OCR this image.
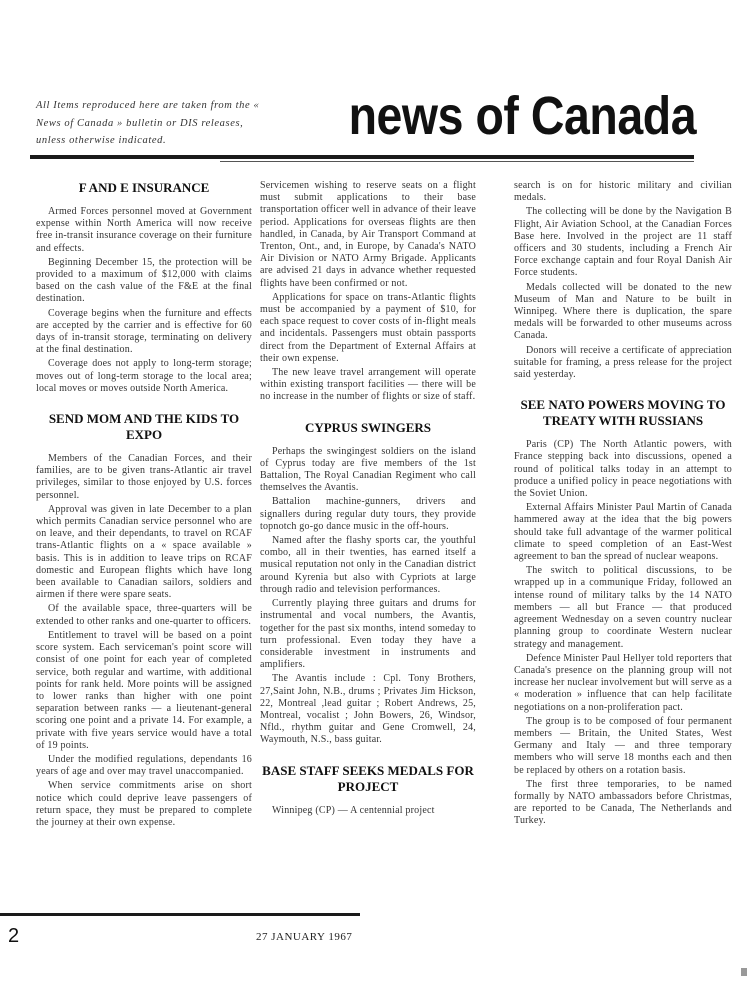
All Items reproduced here are taken from the « News of Canada » bulletin or DIS releases, unless otherwise indicated.	news of Canada
F AND E INSURANCE

Armed Forces personnel moved at Government expense within North America will now receive free in-transit insurance coverage on their furniture and effects.

Beginning December 15, the protection will be provided to a maximum of $12,000 with claims based on the cash value of the F&E at the final destination.

Coverage begins when the furniture and effects are accepted by the carrier and is effective for 60 days of in-transit storage, terminating on delivery at the final destination.

Coverage does not apply to long-term storage; moves out of long-term storage to the local area; local moves or moves outside North America.

SEND MOM AND THE KIDS TO EXPO

Members of the Canadian Forces, and their families, are to be given trans-Atlantic air travel privileges, similar to those enjoyed by U.S. forces personnel.

Approval was given in late December to a plan which permits Canadian service personnel who are on leave, and their dependants, to travel on RCAF trans-Atlantic flights on a « space available » basis. This is in addition to leave trips on RCAF domestic and European flights which have long been available to Canadian sailors, soldiers and airmen if there were spare seats.

Of the available space, three-quarters will be extended to other ranks and one-quarter to officers.

Entitlement to travel will be based on a point score system. Each serviceman's point score will consist of one point for each year of completed service, both regular and wartime, with additional points for rank held. More points will be assigned to lower ranks than higher with one point separation between ranks — a lieutenant-general scoring one point and a private 14. For example, a private with five years service would have a total of 19 points.

Under the modified regulations, dependants 16 years of age and over may travel unaccompanied.

When service commitments arise on short notice which could deprive leave passengers of return space, they must be prepared to complete the journey at their own expense.

Servicemen wishing to reserve seats on a flight must submit applications to their base transportation officer well in advance of their leave period. Applications for overseas flights are then handled, in Canada, by Air Transport Command at Trenton, Ont., and, in Europe, by Canada's NATO Air Division or NATO Army Brigade. Applicants are advised 21 days in advance whether requested flights have been confirmed or not.

Applications for space on trans-Atlantic flights must be accompanied by a payment of $10, for each space request to cover costs of in-flight meals and incidentals. Passengers must obtain passports direct from the Department of External Affairs at their own expense.

The new leave travel arrangement will operate within existing transport facilities — there will be no increase in the number of flights or size of staff.

CYPRUS SWINGERS

Perhaps the swingingest soldiers on the island of Cyprus today are five members of the 1st Battalion, The Royal Canadian Regiment who call themselves the Avantis.

Battalion machine-gunners, drivers and signallers during regular duty tours, they provide topnotch go-go dance music in the off-hours.

Named after the flashy sports car, the youthful combo, all in their twenties, has earned itself a musical reputation not only in the Canadian district around Kyrenia but also with Cypriots at large through radio and television performances.

Currently playing three guitars and drums for instrumental and vocal numbers, the Avantis, together for the past six months, intend someday to turn professional. Even today they have a considerable investment in instruments and amplifiers.

The Avantis include : Cpl. Tony Brothers, 27,Saint John, N.B., drums ; Privates Jim Hickson, 22, Montreal ,lead guitar ; Robert Andrews, 25, Montreal, vocalist ; John Bowers, 26, Windsor, Nfld., rhythm guitar and Gene Cromwell, 24, Waymouth, N.S., bass guitar.

BASE STAFF SEEKS MEDALS FOR PROJECT

Winnipeg (CP) — A centennial project

search is on for historic military and civilian medals.

The collecting will be done by the Navigation B Flight, Air Aviation School, at the Canadian Forces Base here. Involved in the project are 11 staff officers and 30 students, including a French Air Force exchange captain and four Royal Danish Air Force students.

Medals collected will be donated to the new Museum of Man and Nature to be built in Winnipeg. Where there is duplication, the spare medals will be forwarded to other museums across Canada.

Donors will receive a certificate of appreciation suitable for framing, a press release for the project said yesterday.

SEE NATO POWERS MOVING TO TREATY WITH RUSSIANS

Paris (CP) The North Atlantic powers, with France stepping back into discussions, opened a round of political talks today in an attempt to produce a unified policy in peace negotiations with the Soviet Union.

External Affairs Minister Paul Martin of Canada hammered away at the idea that the big powers should take full advantage of the warmer political climate to speed completion of an East-West agreement to ban the spread of nuclear weapons.

The switch to political discussions, to be wrapped up in a communique Friday, followed an intense round of military talks by the 14 NATO members — all but France — that produced agreement Wednesday on a seven country nuclear planning group to coordinate Western nuclear strategy and management.

Defence Minister Paul Hellyer told reporters that Canada's presence on the planning group will not increase her nuclear involvement but will serve as a « moderation » influence that can help facilitate negotiations on a non-proliferation pact.

The group is to be composed of four permanent members — Britain, the United States, West Germany and Italy — and three temporary members who will serve 18 months each and then be replaced by others on a rotation basis.

The first three temporaries, to be named formally by NATO ambassadors before Christmas, are reported to be Canada, The Netherlands and Turkey.

2	27 JANUARY 1967
